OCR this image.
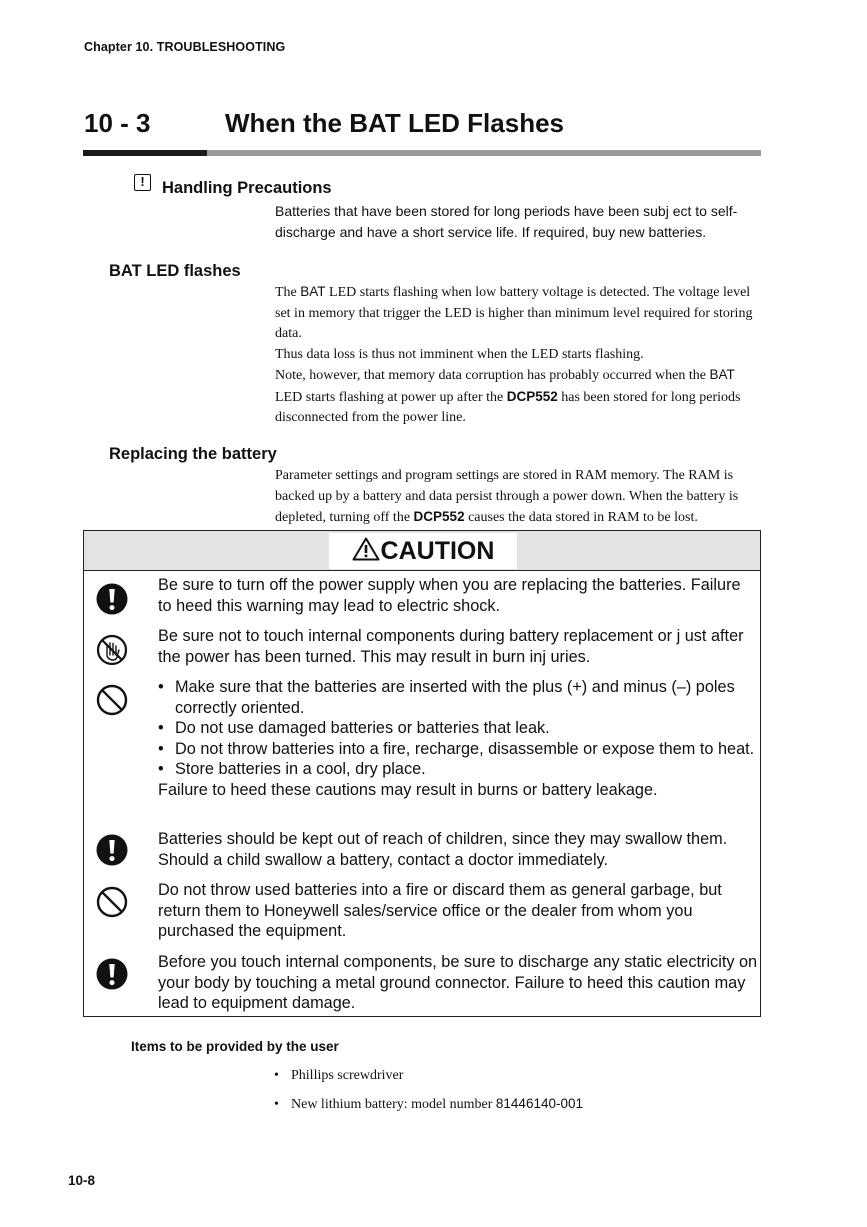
Chapter 10. TROUBLESHOOTING
10 - 3	When the BAT LED Flashes
!	Handling Precautions
Batteries that have been stored for long periods have been subj ect to self-discharge and have a short service life. If required, buy new batteries.
BAT LED flashes
The BAT LED starts flashing when low battery voltage is detected. The voltage level set in memory that trigger the LED is higher than minimum level required for storing data.
Thus data loss is thus not imminent when the LED starts flashing.
Note, however, that memory data corruption has probably occurred when the BAT LED starts flashing at power up after the DCP552 has been stored for long periods disconnected from the power line.
Replacing the battery
Parameter settings and program settings are stored in RAM memory. The RAM is backed up by a battery and data persist through a power down. When the battery is depleted, turning off the DCP552 causes the data stored in RAM to be lost.
CAUTION
Be sure to turn off the power supply when you are replacing the batteries. Failure to heed this warning may lead to electric shock.
Be sure not to touch internal components during battery replacement or j ust after the power has been turned. This may result in burn inj uries.
• Make sure that the batteries are inserted with the plus (+) and minus (–) poles correctly oriented.
• Do not use damaged batteries or batteries that leak.
• Do not throw batteries into a fire, recharge, disassemble or expose them to heat.
• Store batteries in a cool, dry place.
Failure to heed these cautions may result in burns or battery leakage.
Batteries should be kept out of reach of children, since they may swallow them. Should a child swallow a battery, contact a doctor immediately.
Do not throw used batteries into a fire or discard them as general garbage, but return them to Honeywell sales/service office or the dealer from whom you purchased the equipment.
Before you touch internal components, be sure to discharge any static electricity on your body by touching a metal ground connector. Failure to heed this caution may lead to equipment damage.
Items to be provided by the user
• Phillips screwdriver
• New lithium battery: model number 81446140-001
10-8
